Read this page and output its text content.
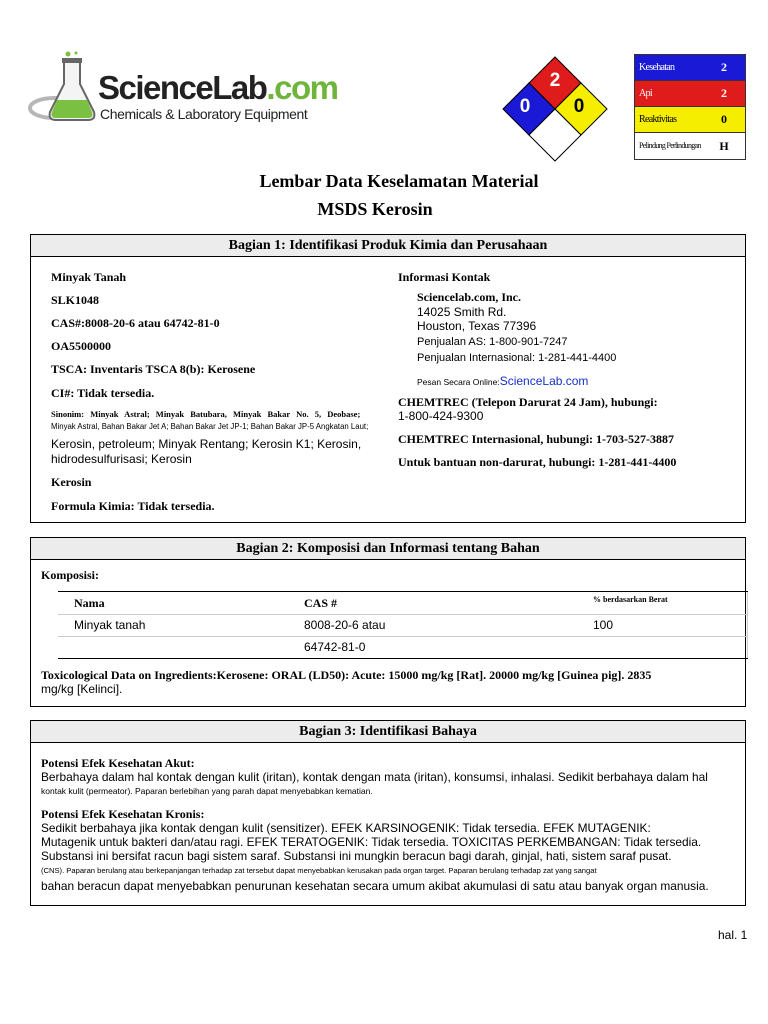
ScienceLab.com
Chemicals & Laboratory Equipment
2
0 0
Kesehatan	2
Api	2
Reaktivitas	0
Pelindung Perlindungan	H
Lembar Data Keselamatan Material
MSDS Kerosin
Bagian 1: Identifikasi Produk Kimia dan Perusahaan
Minyak Tanah
SLK1048
CAS#:8008-20-6 atau 64742-81-0
OA5500000
TSCA: Inventaris TSCA 8(b): Kerosene
CI#: Tidak tersedia.
Sinonim: Minyak Astral; Minyak Batubara, Minyak Bakar No. 5, Deobase;
Minyak Astral, Bahan Bakar Jet A; Bahan Bakar Jet JP-1; Bahan Bakar JP-5 Angkatan Laut;
Kerosin, petroleum; Minyak Rentang; Kerosin K1; Kerosin,
hidrodesulfurisasi; Kerosin
Kerosin
Formula Kimia: Tidak tersedia.
Informasi Kontak
Sciencelab.com, Inc.
14025 Smith Rd.
Houston, Texas 77396
Penjualan AS: 1-800-901-7247
Penjualan Internasional: 1-281-441-4400
Pesan Secara Online:ScienceLab.com
CHEMTREC (Telepon Darurat 24 Jam), hubungi:
1-800-424-9300
CHEMTREC Internasional, hubungi: 1-703-527-3887
Untuk bantuan non-darurat, hubungi: 1-281-441-4400
Bagian 2: Komposisi dan Informasi tentang Bahan
Komposisi:
Nama	CAS #	% berdasarkan Berat
Minyak tanah	8008-20-6 atau	100
64742-81-0
Toxicological Data on Ingredients:Kerosene: ORAL (LD50): Acute: 15000 mg/kg [Rat]. 20000 mg/kg [Guinea pig]. 2835
mg/kg [Kelinci].
Bagian 3: Identifikasi Bahaya
Potensi Efek Kesehatan Akut:
Berbahaya dalam hal kontak dengan kulit (iritan), kontak dengan mata (iritan), konsumsi, inhalasi. Sedikit berbahaya dalam hal
kontak kulit (permeator). Paparan berlebihan yang parah dapat menyebabkan kematian.
Potensi Efek Kesehatan Kronis:
Sedikit berbahaya jika kontak dengan kulit (sensitizer). EFEK KARSINOGENIK: Tidak tersedia. EFEK MUTAGENIK:
Mutagenik untuk bakteri dan/atau ragi. EFEK TERATOGENIK: Tidak tersedia. TOXICITAS PERKEMBANGAN: Tidak tersedia.
Substansi ini bersifat racun bagi sistem saraf. Substansi ini mungkin beracun bagi darah, ginjal, hati, sistem saraf pusat.
(CNS). Paparan berulang atau berkepanjangan terhadap zat tersebut dapat menyebabkan kerusakan pada organ target. Paparan berulang terhadap zat yang sangat
bahan beracun dapat menyebabkan penurunan kesehatan secara umum akibat akumulasi di satu atau banyak organ manusia.
hal. 1
